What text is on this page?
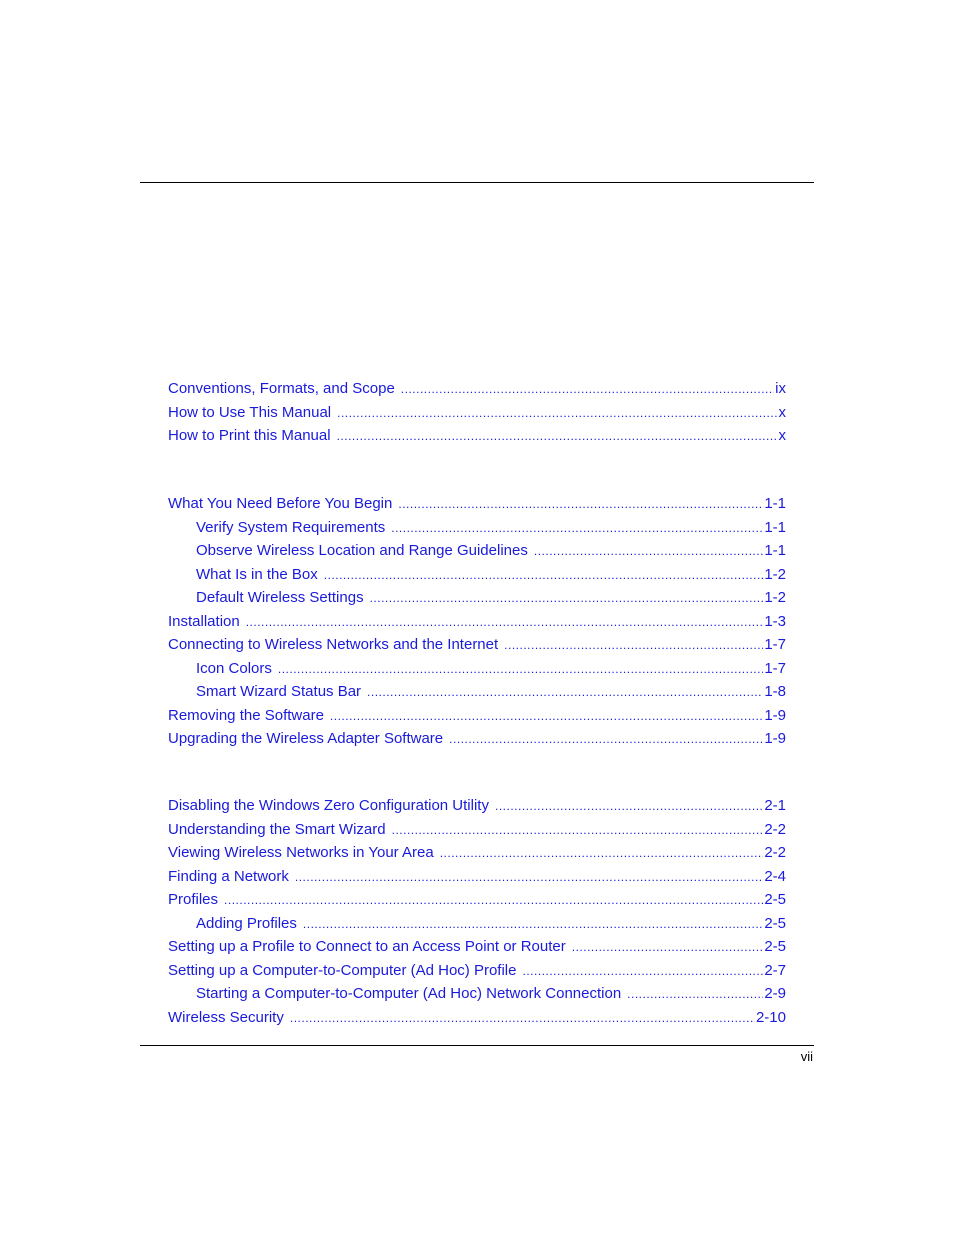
Conventions, Formats, and Scope .....	ix
How to Use This Manual .....	x
How to Print this Manual .....	x
What You Need Before You Begin .....	1-1
Verify System Requirements .....	1-1
Observe Wireless Location and Range Guidelines .....	1-1
What Is in the Box .....	1-2
Default Wireless Settings .....	1-2
Installation .....	1-3
Connecting to Wireless Networks and the Internet .....	1-7
Icon Colors .....	1-7
Smart Wizard Status Bar .....	1-8
Removing the Software .....	1-9
Upgrading the Wireless Adapter Software .....	1-9
Disabling the Windows Zero Configuration Utility .....	2-1
Understanding the Smart Wizard .....	2-2
Viewing Wireless Networks in Your Area .....	2-2
Finding a Network .....	2-4
Profiles .....	2-5
Adding Profiles .....	2-5
Setting up a Profile to Connect to an Access Point or Router .....	2-5
Setting up a Computer-to-Computer (Ad Hoc) Profile .....	2-7
Starting a Computer-to-Computer (Ad Hoc) Network Connection .....	2-9
Wireless Security .....	2-10
vii
